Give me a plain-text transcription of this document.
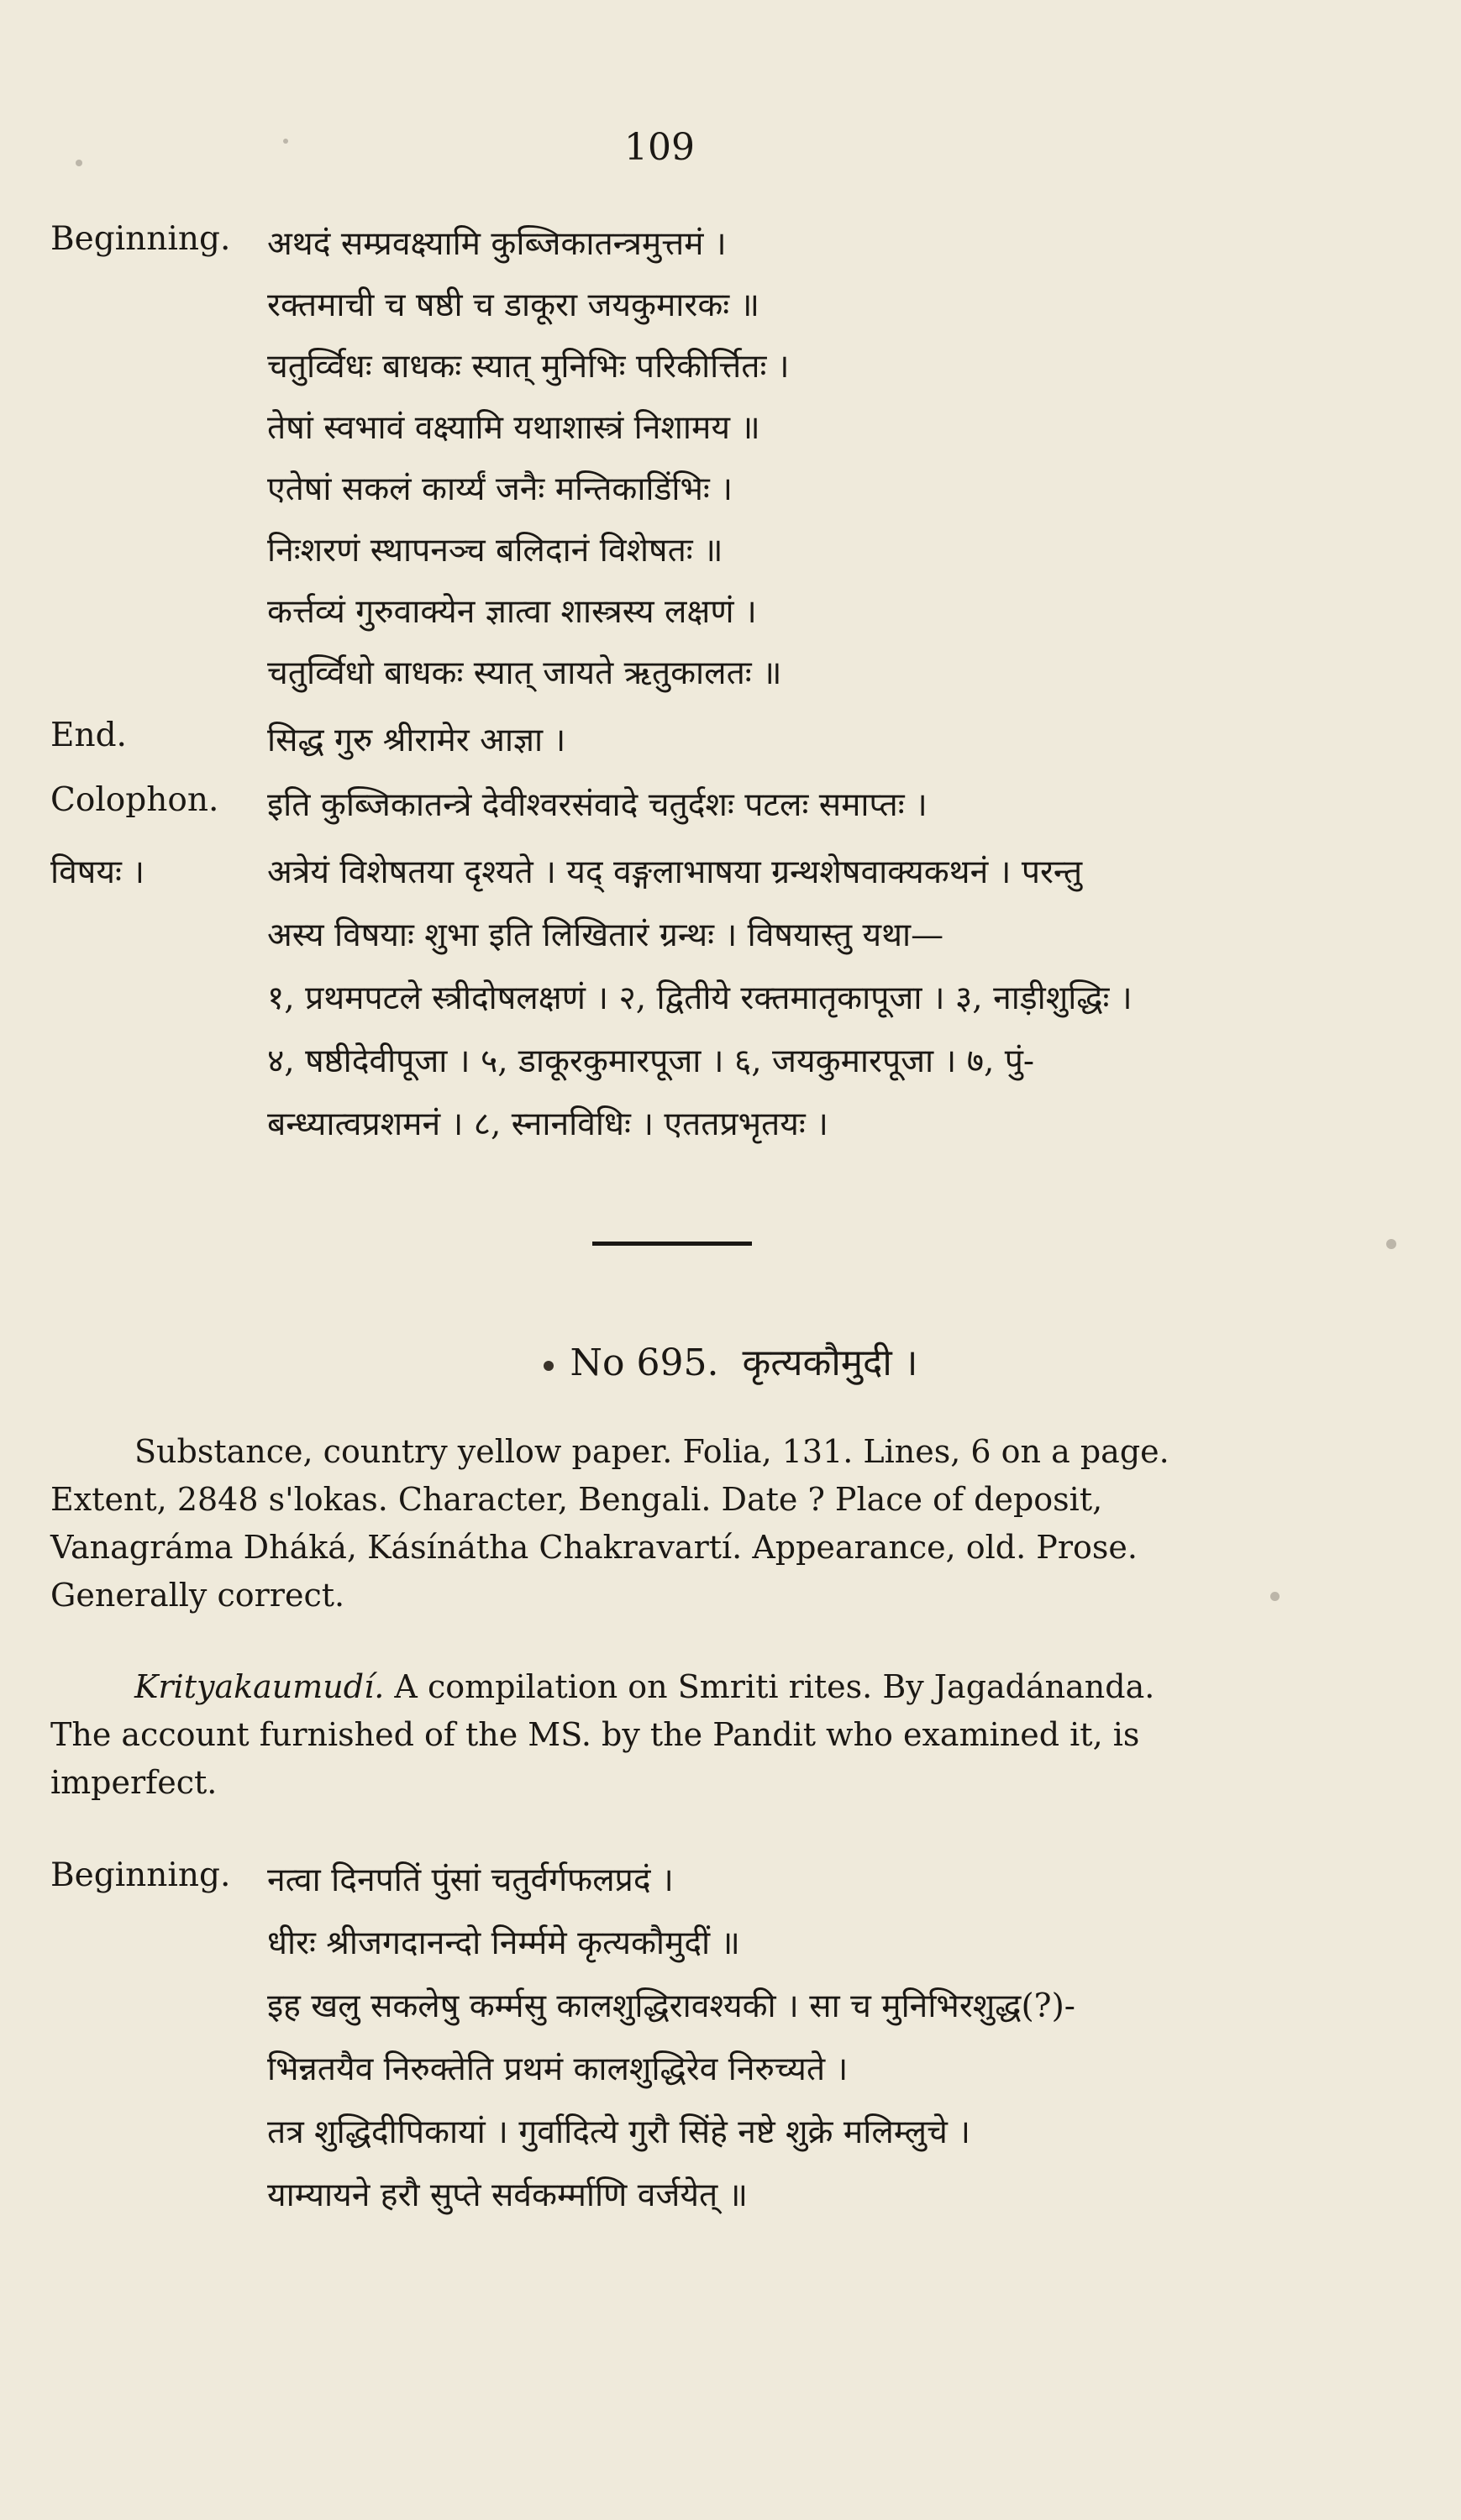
109
Beginning. अथदं सम्प्रवक्ष्यामि कुब्जिकातन्त्रमुत्तमं ।
रक्तमाची च षष्ठी च डाकूरा जयकुमारकः ॥
चतुर्व्विधः बाधकः स्यात् मुनिभिः परिकीर्त्तितः ।
तेषां स्वभावं वक्ष्यामि यथाशास्त्रं निशामय ॥
एतेषां सकलं कार्य्यं जनैः मन्तिकाडिंभिः ।
निःशरणं स्थापनञ्च बलिदानं विशेषतः ॥
कर्त्तव्यं गुरुवाक्येन ज्ञात्वा शास्त्रस्य लक्षणं ।
चतुर्व्विधो बाधकः स्यात् जायते ऋतुकालतः ॥
End.	सिद्ध गुरु श्रीरामेर आज्ञा ।
Colophon. इति कुब्जिकातन्त्रे देवीश्वरसंवादे चतुर्दशः पटलः समाप्तः ।
विषयः ।	अत्रेयं विशेषतया दृश्यते । यद् वङ्गलाभाषया ग्रन्थशेषवाक्यकथनं । परन्तु
अस्य विषयाः शुभा इति लिखितारं ग्रन्थः । विषयास्तु यथा—
१, प्रथमपटले स्त्रीदोषलक्षणं । २, द्वितीये रक्तमातृकापूजा । ३, नाड़ीशुद्धिः ।
४, षष्ठीदेवीपूजा । ५, डाकूरकुमारपूजा । ६, जयकुमारपूजा । ७, पुं-
बन्ध्यात्वप्रशमनं । ८, स्नानविधिः । एततप्रभृतयः ।
No 695. कृत्यकौमुदी ।
Substance, country yellow paper. Folia, 131. Lines, 6 on a page.
Extent, 2848 s'lokas. Character, Bengali. Date ? Place of deposit,
Vanagráma Dháká, Kásínátha Chakravartí. Appearance, old. Prose.
Generally correct.
Krityakaumudí. A compilation on Smriti rites. By Jagadánanda.
The account furnished of the MS. by the Pandit who examined it, is
imperfect.
Beginning. नत्वा दिनपतिं पुंसां चतुर्वर्गफलप्रदं ।
धीरः श्रीजगदानन्दो निर्म्ममे कृत्यकौमुदीं ॥
इह खलु सकलेषु कर्म्मसु कालशुद्धिरावश्यकी । सा च मुनिभिरशुद्ध(?)-
भिन्नतयैव निरुक्तेति प्रथमं कालशुद्धिरेव निरुच्यते ।
तत्र शुद्धिदीपिकायां । गुर्वादित्ये गुरौ सिंहे नष्टे शुक्रे मलिम्लुचे ।
याम्यायने हरौ सुप्ते सर्वकर्म्माणि वर्जयेत् ॥
